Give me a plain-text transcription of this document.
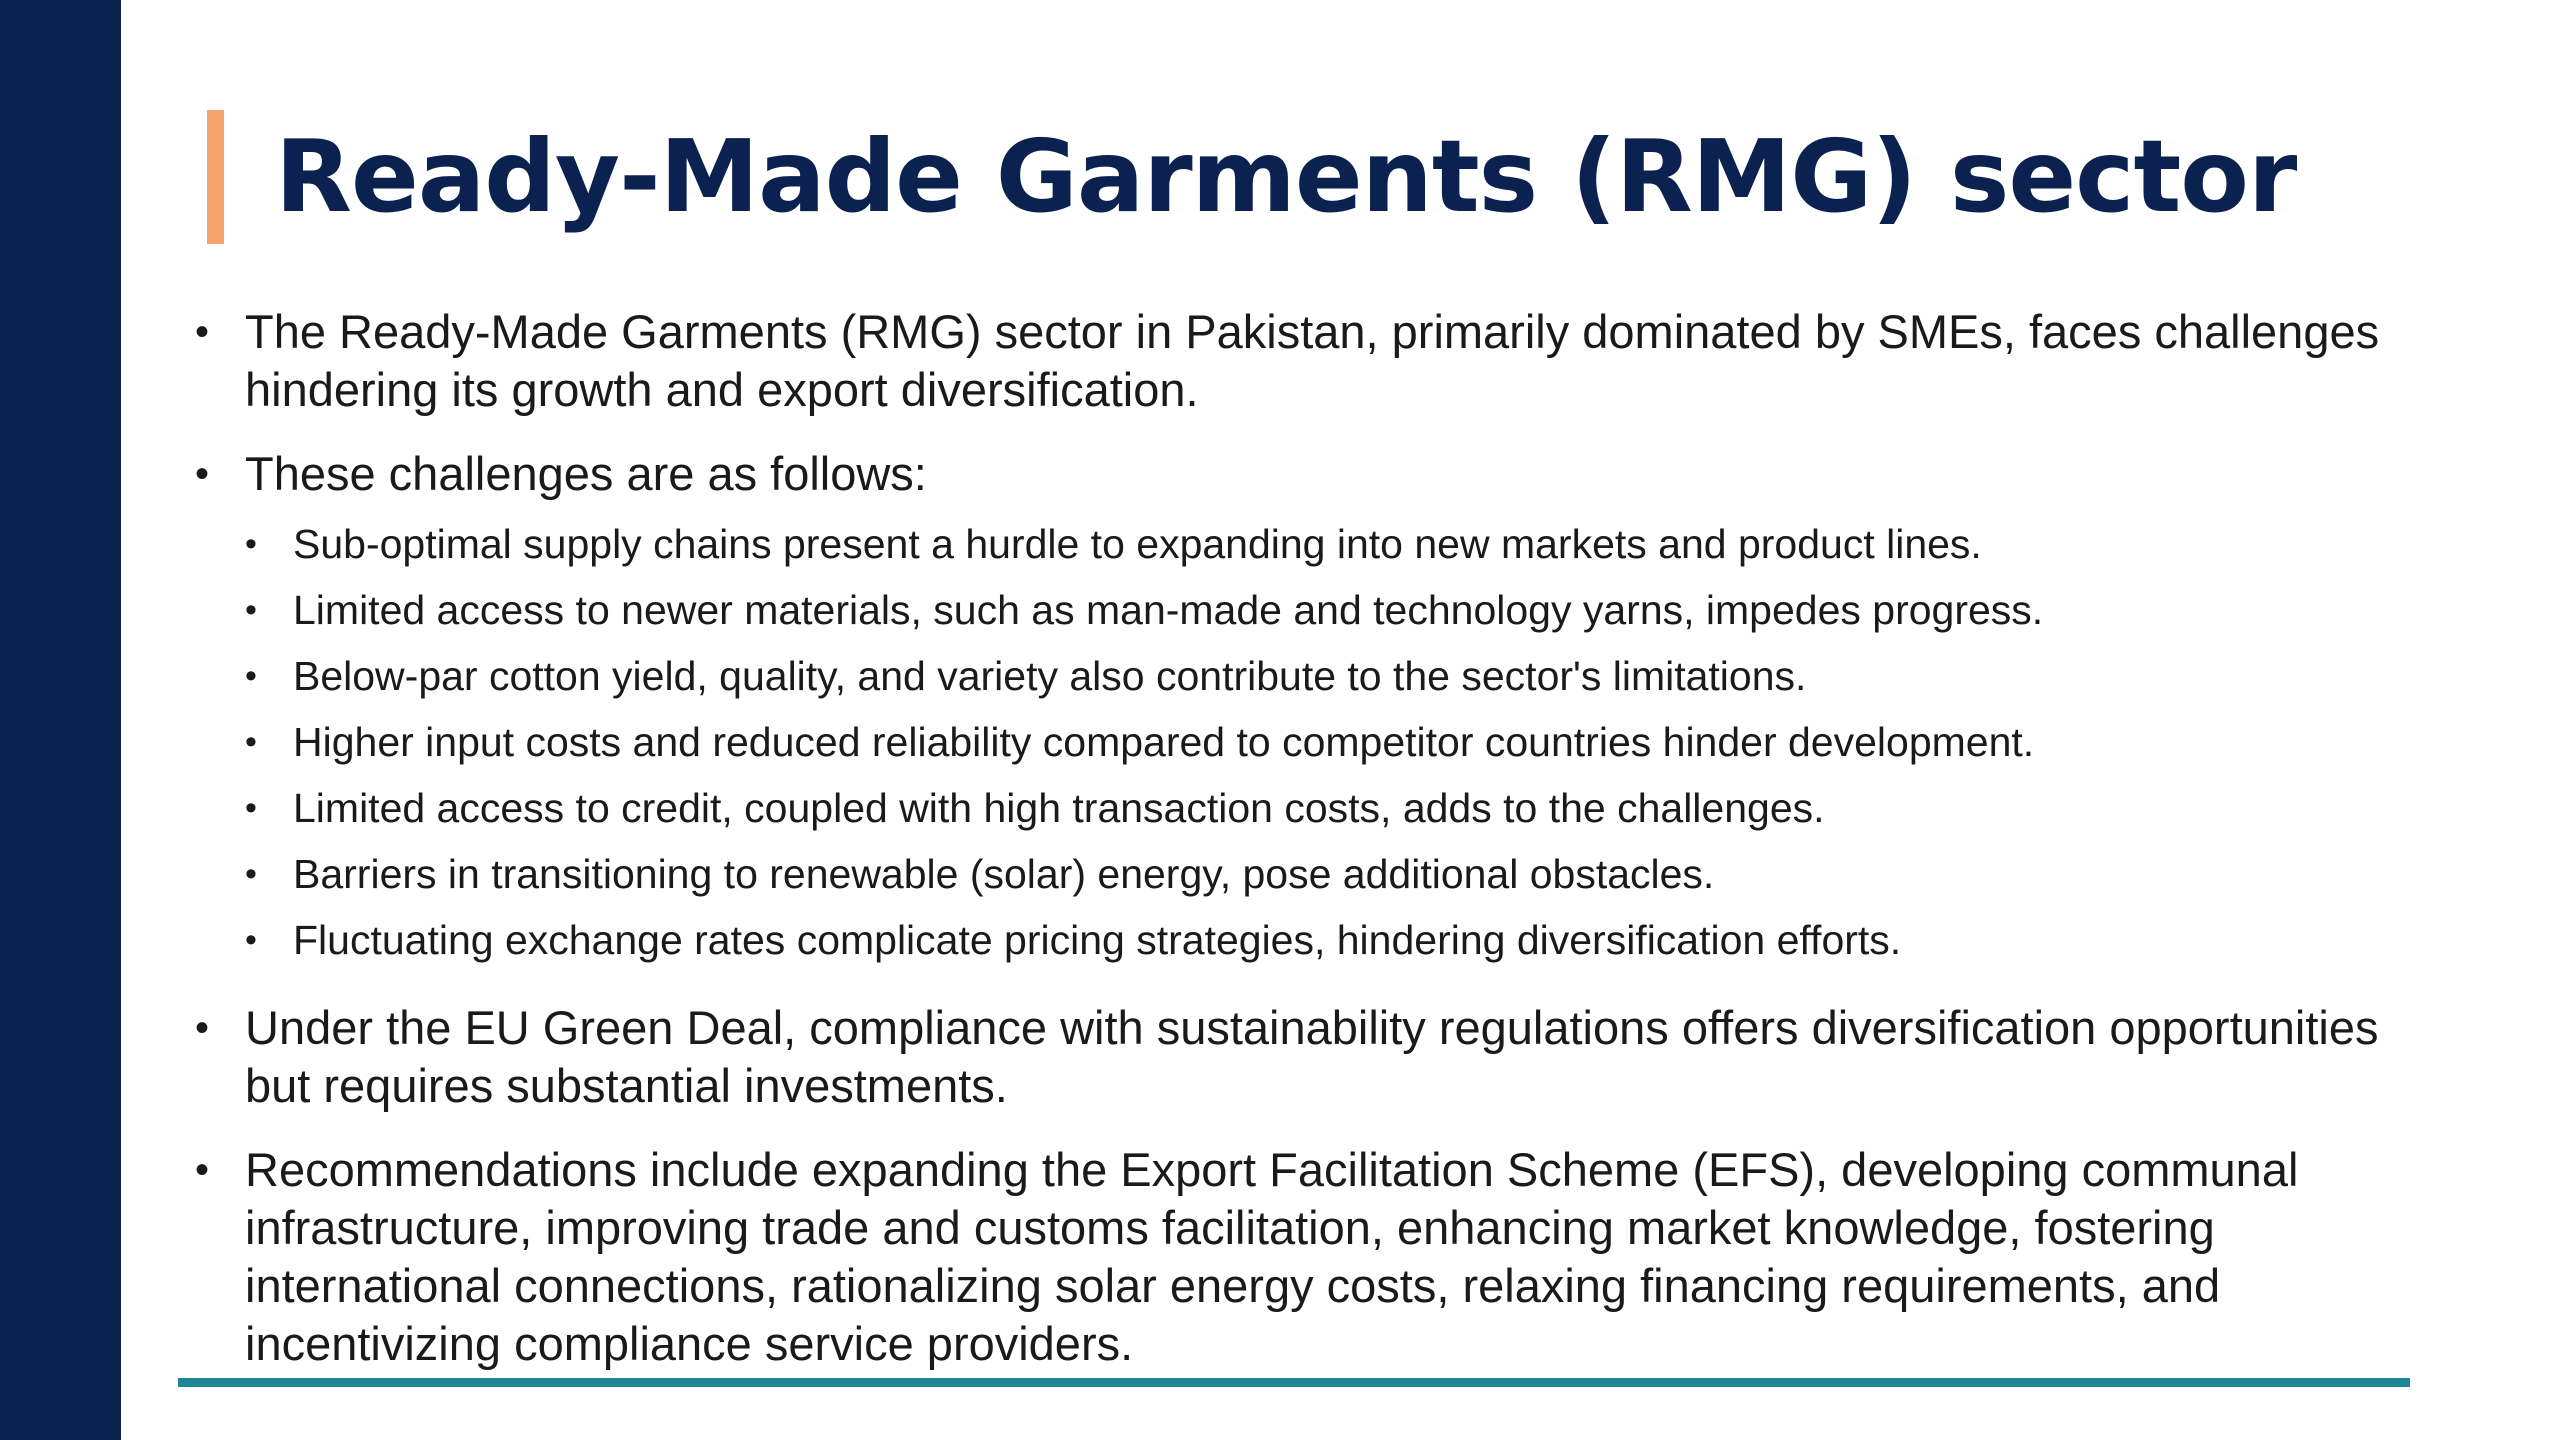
Ready-Made Garments (RMG) sector
• The Ready-Made Garments (RMG) sector in Pakistan, primarily dominated by SMEs, faces challenges hindering its growth and export diversification.
• These challenges are as follows:
• Sub-optimal supply chains present a hurdle to expanding into new markets and product lines.
• Limited access to newer materials, such as man-made and technology yarns, impedes progress.
• Below-par cotton yield, quality, and variety also contribute to the sector's limitations.
• Higher input costs and reduced reliability compared to competitor countries hinder development.
• Limited access to credit, coupled with high transaction costs, adds to the challenges.
• Barriers in transitioning to renewable (solar) energy, pose additional obstacles.
• Fluctuating exchange rates complicate pricing strategies, hindering diversification efforts.
• Under the EU Green Deal, compliance with sustainability regulations offers diversification opportunities but requires substantial investments.
• Recommendations include expanding the Export Facilitation Scheme (EFS), developing communal infrastructure, improving trade and customs facilitation, enhancing market knowledge, fostering international connections, rationalizing solar energy costs, relaxing financing requirements, and incentivizing compliance service providers.
